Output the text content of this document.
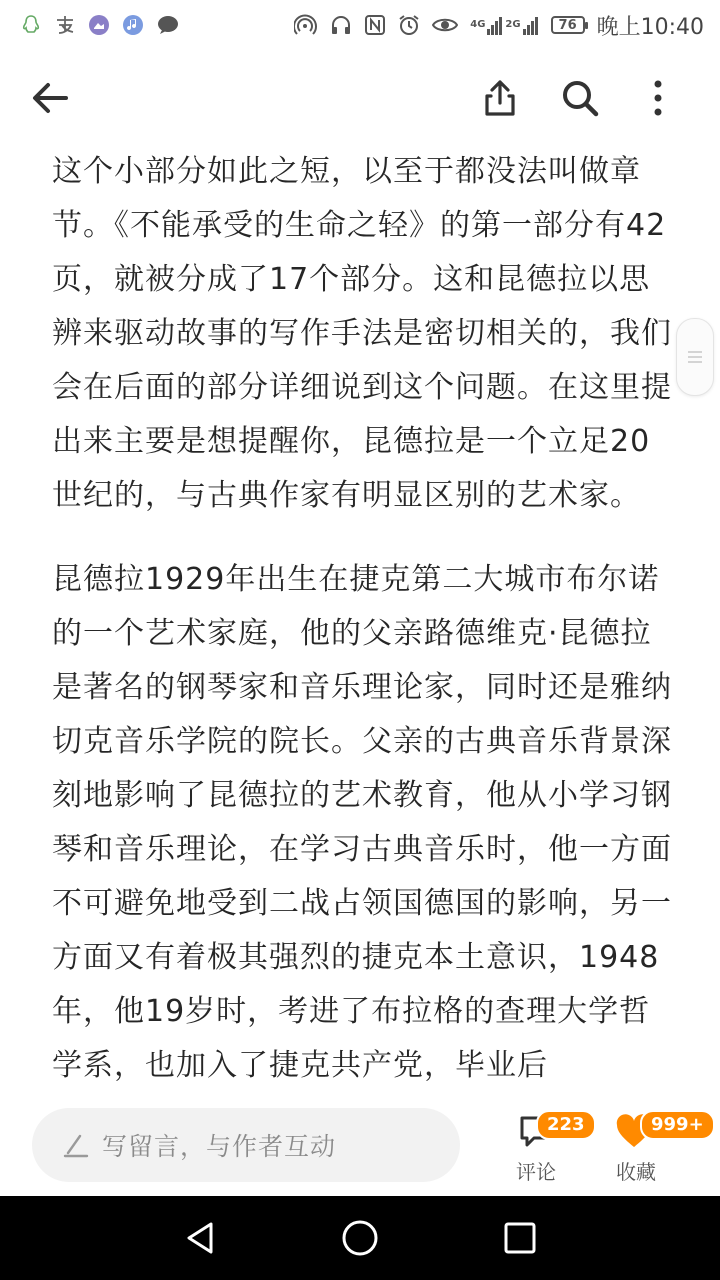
4G 2G	76 晚上10:40

这个小部分如此之短，以至于都没法叫做章节。《不能承受的生命之轻》的第一部分有42页，就被分成了17个部分。这和昆德拉以思辨来驱动故事的写作手法是密切相关的，我们会在后面的部分详细说到这个问题。在这里提出来主要是想提醒你，昆德拉是一个立足20世纪的，与古典作家有明显区别的艺术家。

昆德拉1929年出生在捷克第二大城市布尔诺的一个艺术家庭，他的父亲路德维克·昆德拉是著名的钢琴家和音乐理论家，同时还是雅纳切克音乐学院的院长。父亲的古典音乐背景深刻地影响了昆德拉的艺术教育，他从小学习钢琴和音乐理论，在学习古典音乐时，他一方面不可避免地受到二战占领国德国的影响，另一方面又有着极其强烈的捷克本土意识，1948年，他19岁时，考进了布拉格的查理大学哲学系，也加入了捷克共产党，毕业后

写留言，与作者互动
223
评论
999+
收藏
